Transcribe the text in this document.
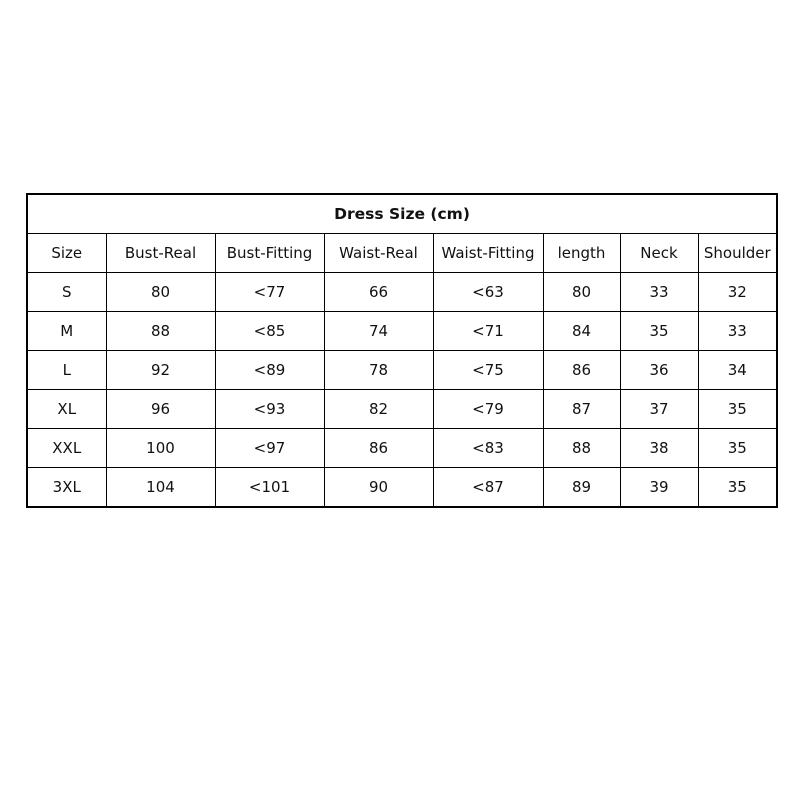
Dress Size (cm)							
Size	Bust-Real	Bust-Fitting	Waist-Real	Waist-Fitting	length	Neck	Shoulder
S	80	<77	66	<63	80	33	32
M	88	<85	74	<71	84	35	33
L	92	<89	78	<75	86	36	34
XL	96	<93	82	<79	87	37	35
XXL	100	<97	86	<83	88	38	35
3XL	104	<101	90	<87	89	39	35
